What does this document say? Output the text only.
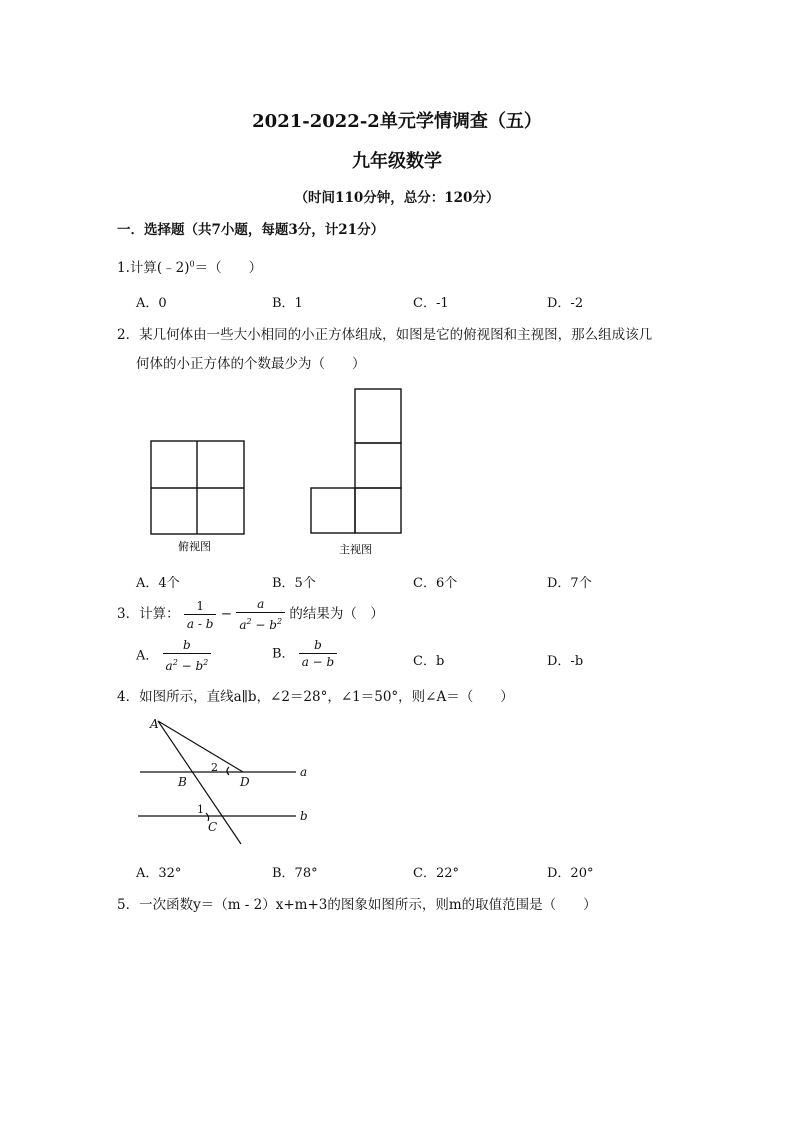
2021-2022-2单元学情调查（五）
九年级数学
（时间110分钟，总分：120分）
一．选择题（共7小题，每题3分，计21分）
1.计算(﹣2)$^0$＝（　　）
A．0	B．1	C．-1	D．-2
2．某几何体由一些大小相同的小正方体组成，如图是它的俯视图和主视图，那么组成该几
何体的小正方体的个数最少为（　　）
俯视图	主视图
A．4个	B．5个	C．6个	D．7个
3．计算： $\frac{1}{a - b} - \frac{a}{a^2 - b^2}$ 的结果为（　）
A． $\frac{b}{a^2 - b^2}$	B． $\frac{b}{a - b}$	C．b	D．-b
4．如图所示，直线a∥b，∠2＝28°，∠1＝50°，则∠A＝（　　）
A
B
C
D
a
b
2
1
A．32°	B．78°	C．22°	D．20°
5．一次函数y＝（m - 2）x+m+3的图象如图所示，则m的取值范围是（　　）
